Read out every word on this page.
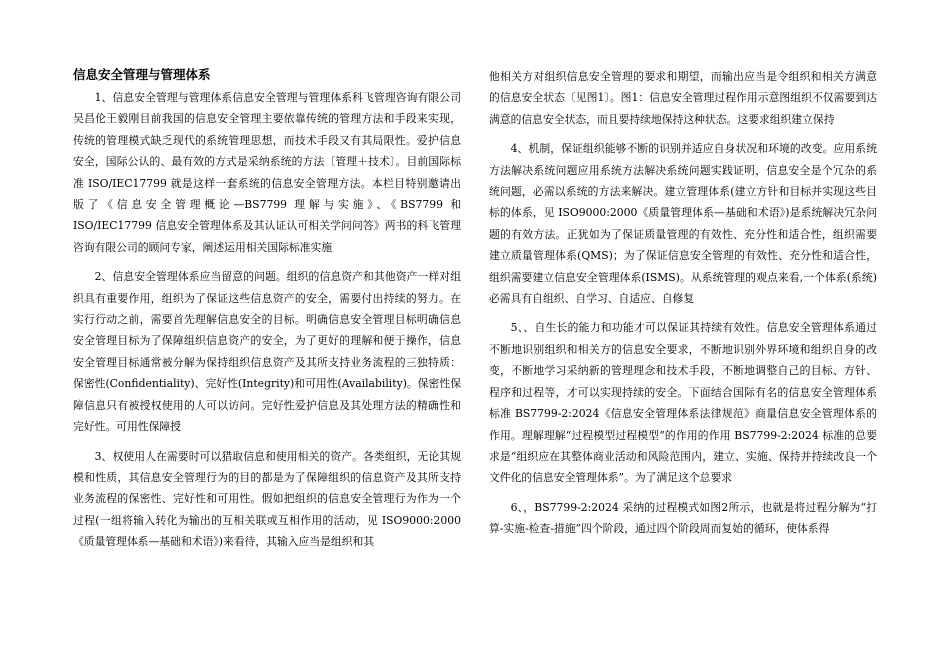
信息安全管理与管理体系

1、信息安全管理与管理体系信息安全管理与管理体系科飞管理咨询有限公司吴昌伦王毅刚目前我国的信息安全管理主要依靠传统的管理方法和手段来实现，传统的管理模式缺乏现代的系统管理思想，而技术手段又有其局限性。爱护信息安全，国际公认的、最有效的方式是采纳系统的方法〔管理＋技术〕。目前国际标准 ISO/IEC17799 就是这样一套系统的信息安全管理方法。本栏目特别邀请出版了《信息安全管理概论—BS7799 理解与实施》、《BS7799 和 ISO/IEC17799 信息安全管理体系及其认证认可相关学问问答》两书的科飞管理咨询有限公司的顾问专家，阐述运用相关国际标准实施

2、信息安全管理体系应当留意的问题。组织的信息资产和其他资产一样对组织具有重要作用，组织为了保证这些信息资产的安全，需要付出持续的努力。在实行行动之前，需要首先理解信息安全的目标。明确信息安全管理目标明确信息安全管理目标为了保障组织信息资产的安全，为了更好的理解和便于操作，信息安全管理目标通常被分解为保持组织信息资产及其所支持业务流程的三独特质：保密性(Confidentiality)、完好性(Integrity)和可用性(Availability)。保密性保障信息只有被授权使用的人可以访问。完好性爱护信息及其处理方法的精确性和完好性。可用性保障授

3、权使用人在需要时可以猎取信息和使用相关的资产。各类组织，无论其规模和性质，其信息安全管理行为的目的都是为了保障组织的信息资产及其所支持业务流程的保密性、完好性和可用性。假如把组织的信息安全管理行为作为一个过程(一组将输入转化为输出的互相关联或互相作用的活动，见 ISO9000:2000《质量管理体系—基础和术语》)来看待，其输入应当是组织和其

他相关方对组织信息安全管理的要求和期望，而输出应当是令组织和相关方满意的信息安全状态〔见图1〕。图1：信息安全管理过程作用示意图组织不仅需要到达满意的信息安全状态，而且要持续地保持这种状态。这要求组织建立保持

4、机制，保证组织能够不断的识别并适应自身状况和环境的改变。应用系统方法解决系统问题应用系统方法解决系统问题实践证明，信息安全是个冗杂的系统问题，必需以系统的方法来解决。建立管理体系(建立方针和目标并实现这些目标的体系，见 ISO9000:2000《质量管理体系—基础和术语》)是系统解决冗杂问题的有效方法。正犹如为了保证质量管理的有效性、充分性和适合性，组织需要建立质量管理体系(QMS)；为了保证信息安全管理的有效性、充分性和适合性，组织需要建立信息安全管理体系(ISMS)。从系统管理的观点来看,一个体系(系统)必需具有自组织、自学习、自适应、自修复

5、、自生长的能力和功能才可以保证其持续有效性。信息安全管理体系通过不断地识别组织和相关方的信息安全要求，不断地识别外界环境和组织自身的改变，不断地学习采纳新的管理理念和技术手段，不断地调整自己的目标、方针、程序和过程等，才可以实现持续的安全。下面结合国际有名的信息安全管理体系标准 BS7799-2:2024《信息安全管理体系法律规范》商量信息安全管理体系的作用。理解理解“过程模型过程模型”的作用的作用 BS7799-2:2024 标准的总要求是“组织应在其整体商业活动和风险范围内，建立、实施、保持并持续改良一个文件化的信息安全管理体系”。为了满足这个总要求

6、，BS7799-2:2024 采纳的过程模式如图2所示，也就是将过程分解为“打算-实施-检查-措施”四个阶段，通过四个阶段周而复始的循环，使体系得
